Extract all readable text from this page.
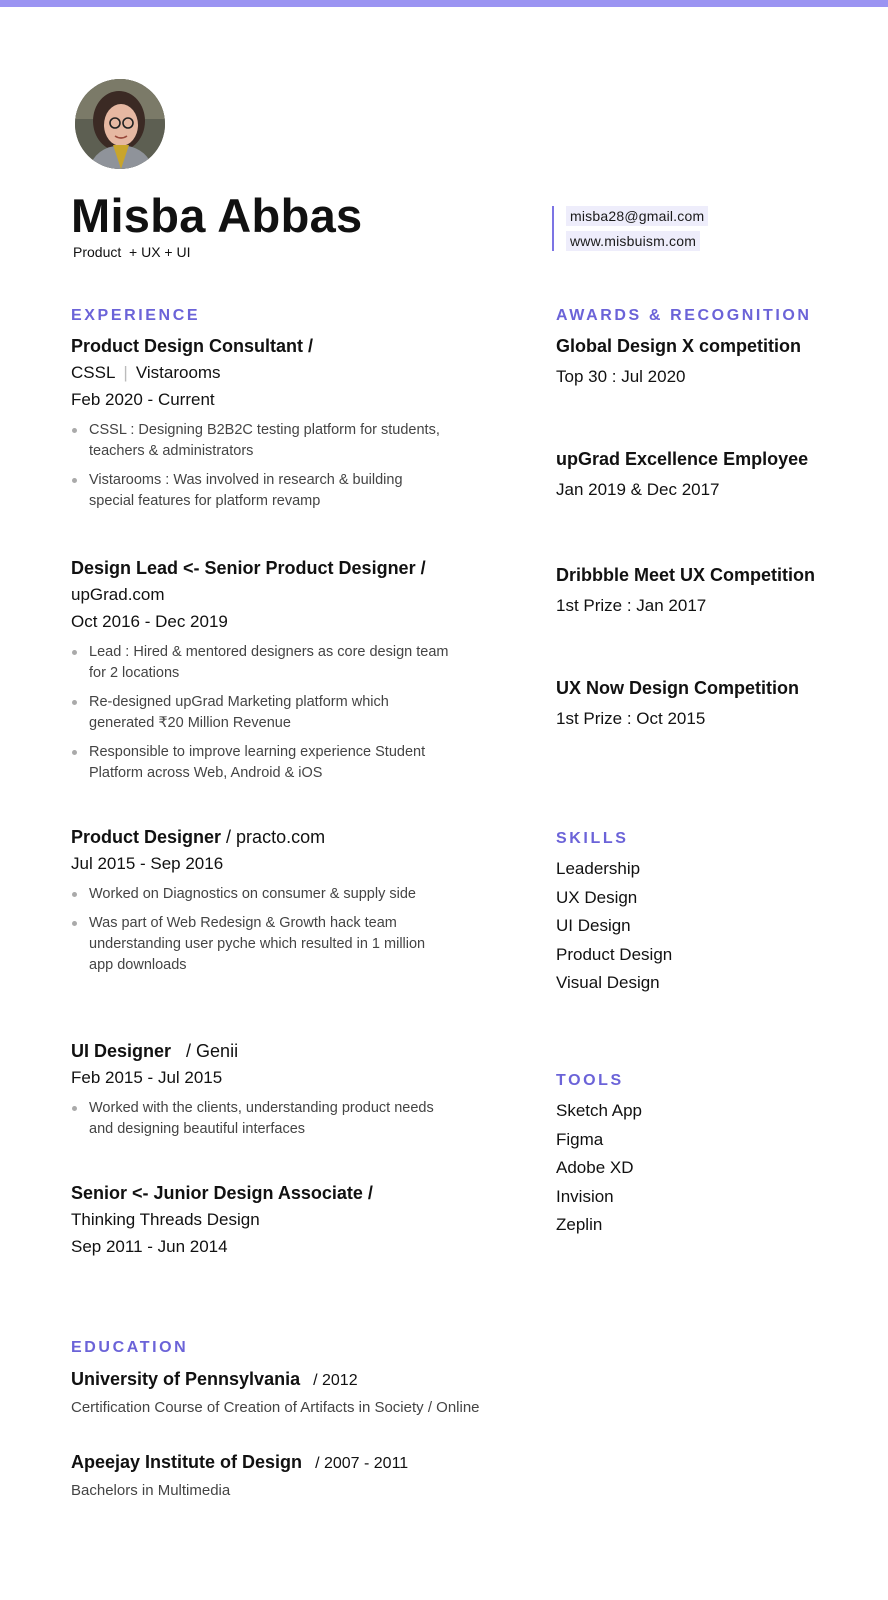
Misba Abbas
Product  + UX + UI
misba28@gmail.com
www.misbuism.com
EXPERIENCE
Product Design Consultant /
CSSL | Vistarooms
Feb 2020 - Current
CSSL : Designing B2B2C testing platform for students, teachers & administrators
Vistarooms : Was involved in research & building special features for platform revamp
Design Lead <- Senior Product Designer /
upGrad.com
Oct 2016 - Dec 2019
Lead : Hired & mentored designers as core design team for 2 locations
Re-designed upGrad Marketing platform which generated ₹20 Million Revenue
Responsible to improve learning experience Student Platform across Web, Android & iOS
Product Designer / practo.com
Jul 2015 - Sep 2016
Worked on Diagnostics on consumer & supply side
Was part of Web Redesign & Growth hack team understanding user pyche which resulted in 1 million app downloads
UI Designer / Genii
Feb 2015 - Jul 2015
Worked with the clients, understanding product needs and designing beautiful interfaces
Senior <- Junior Design Associate /
Thinking Threads Design
Sep 2011 - Jun 2014
EDUCATION
University of Pennsylvania / 2012
Certification Course of Creation of Artifacts in Society / Online
Apeejay Institute of Design / 2007 - 2011
Bachelors in Multimedia
AWARDS & RECOGNITION
Global Design X competition
Top 30 : Jul 2020
upGrad Excellence Employee
Jan 2019 & Dec 2017
Dribbble Meet UX Competition
1st Prize : Jan 2017
UX Now Design Competition
1st Prize : Oct 2015
SKILLS
Leadership
UX Design
UI Design
Product Design
Visual Design
TOOLS
Sketch App
Figma
Adobe XD
Invision
Zeplin
